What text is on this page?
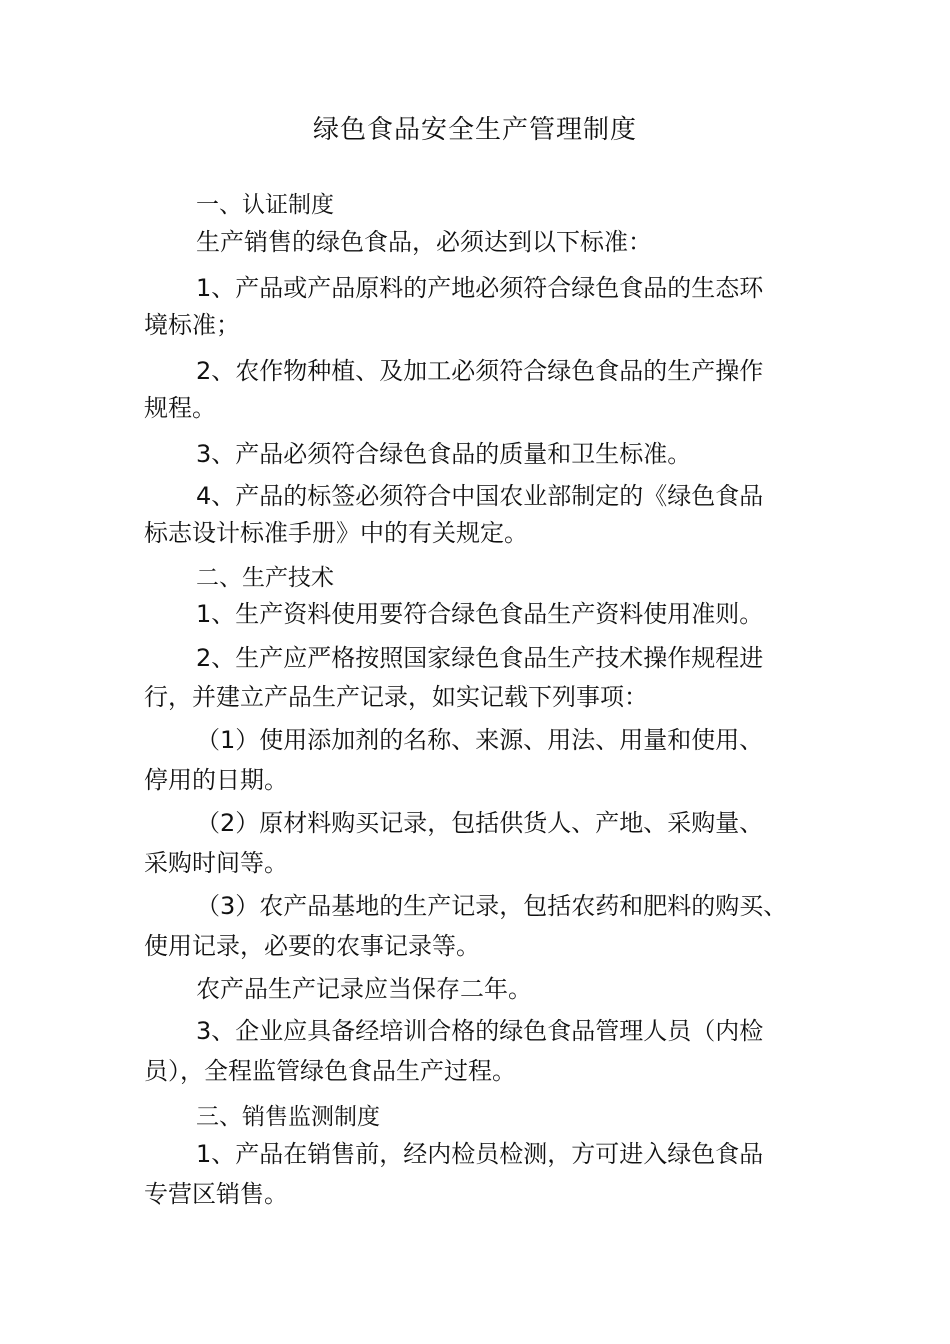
绿色食品安全生产管理制度
一、认证制度
生产销售的绿色食品，必须达到以下标准：
1、产品或产品原料的产地必须符合绿色食品的生态环
境标准；
2、农作物种植、及加工必须符合绿色食品的生产操作
规程。
3、产品必须符合绿色食品的质量和卫生标准。
4、产品的标签必须符合中国农业部制定的《绿色食品
标志设计标准手册》中的有关规定。
二、生产技术
1、生产资料使用要符合绿色食品生产资料使用准则。
2、生产应严格按照国家绿色食品生产技术操作规程进
行，并建立产品生产记录，如实记载下列事项：
（1）使用添加剂的名称、来源、用法、用量和使用、
停用的日期。
（2）原材料购买记录，包括供货人、产地、采购量、
采购时间等。
（3）农产品基地的生产记录，包括农药和肥料的购买、
使用记录，必要的农事记录等。
农产品生产记录应当保存二年。
3、企业应具备经培训合格的绿色食品管理人员（内检
员），全程监管绿色食品生产过程。
三、销售监测制度
1、产品在销售前，经内检员检测，方可进入绿色食品
专营区销售。
